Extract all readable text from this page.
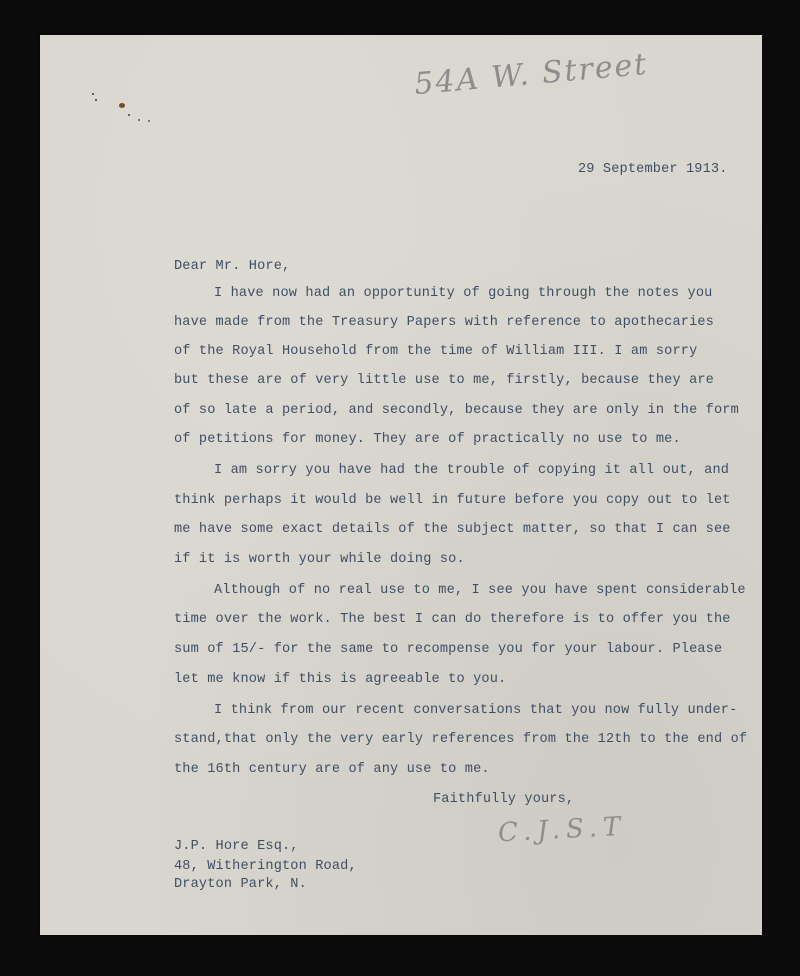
54A W. Street
29 September 1913.
Dear Mr. Hore,
I have now had an opportunity of going through the notes you
have made from the Treasury Papers with reference to apothecaries
of the Royal Household from the time of William III. I am sorry
but these are of very little use to me, firstly, because they are
of so late a period, and secondly, because they are only in the form
of petitions for money. They are of practically no use to me.
I am sorry you have had the trouble of copying it all out, and
think perhaps it would be well in future before you copy out to let
me have some exact details of the subject matter, so that I can see
if it is worth your while doing so.
Although of no real use to me, I see you have spent considerable
time over the work. The best I can do therefore is to offer you the
sum of 15/- for the same to recompense you for your labour. Please
let me know if this is agreeable to you.
I think from our recent conversations that you now fully under-
stand,that only the very early references from the 12th to the end of
the 16th century are of any use to me.
Faithfully yours,
C.J.S.T
J.P. Hore Esq.,
48, Witherington Road,
Drayton Park, N.
